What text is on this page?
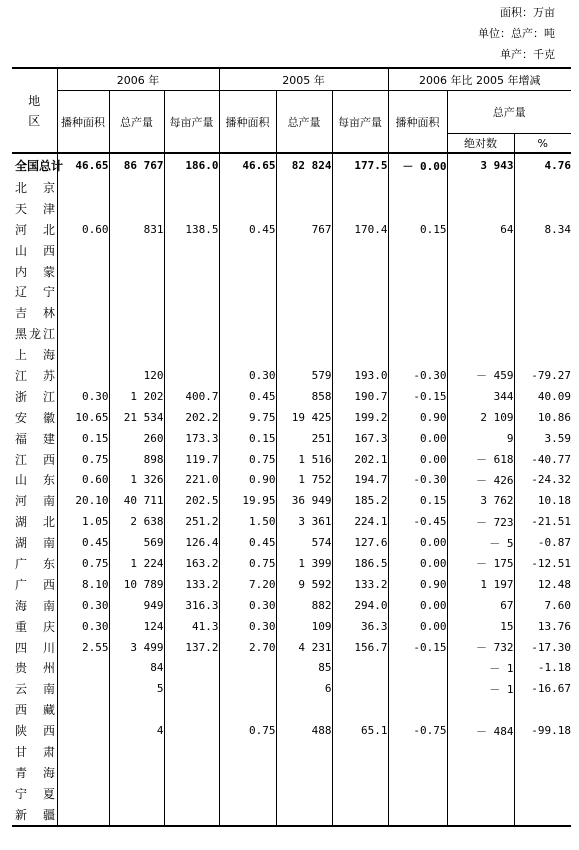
面积：万亩
单位：总产：吨
单产：千克
地区	2006 年			2005 年			2006 年比 2005 年增减		
	播种面积	总产量	每亩产量	播种面积	总产量	每亩产量	播种面积	总产量	
								绝对数	%

全国总计	46.65	86 767	186.0	46.65	82 824	177.5	－ 0.00	3 943	4.76

北京									

天津									

河北	0.60	831	138.5	0.45	767	170.4	0.15	64	8.34

山西									

内蒙									

辽宁									

吉林									

黑龙江									

上海									

江苏		120		0.30	579	193.0	-0.30	－ 459	-79.27

浙江	0.30	1 202	400.7	0.45	858	190.7	-0.15	344	40.09

安徽	10.65	21 534	202.2	9.75	19 425	199.2	0.90	2 109	10.86

福建	0.15	260	173.3	0.15	251	167.3	0.00	9	3.59

江西	0.75	898	119.7	0.75	1 516	202.1	0.00	－ 618	-40.77

山东	0.60	1 326	221.0	0.90	1 752	194.7	-0.30	－ 426	-24.32

河南	20.10	40 711	202.5	19.95	36 949	185.2	0.15	3 762	10.18

湖北	1.05	2 638	251.2	1.50	3 361	224.1	-0.45	－ 723	-21.51

湖南	0.45	569	126.4	0.45	574	127.6	0.00	－ 5	-0.87

广东	0.75	1 224	163.2	0.75	1 399	186.5	0.00	－ 175	-12.51

广西	8.10	10 789	133.2	7.20	9 592	133.2	0.90	1 197	12.48

海南	0.30	949	316.3	0.30	882	294.0	0.00	67	7.60

重庆	0.30	124	41.3	0.30	109	36.3	0.00	15	13.76

四川	2.55	3 499	137.2	2.70	4 231	156.7	-0.15	－ 732	-17.30

贵州		84			85			－ 1	-1.18

云南		5			6			－ 1	-16.67

西藏									

陕西		4		0.75	488	65.1	-0.75	－ 484	-99.18

甘肃									

青海									

宁夏									

新疆									
